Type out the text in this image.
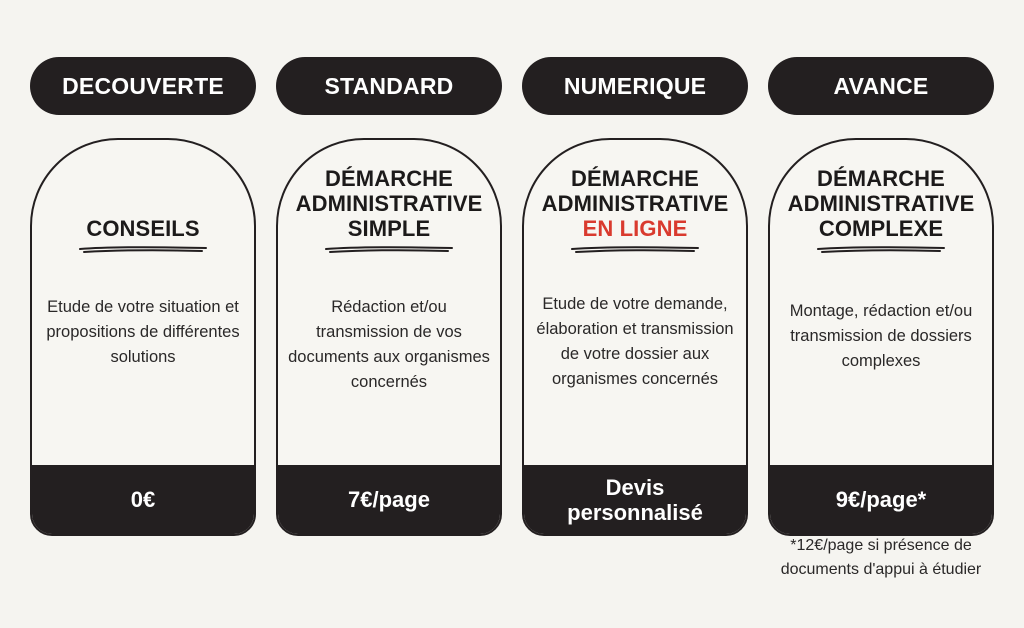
DECOUVERTE
CONSEILS
Etude de votre situation et propositions de différentes solutions
0€
STANDARD
DÉMARCHE
ADMINISTRATIVE
SIMPLE
Rédaction et/ou transmission de vos documents aux organismes concernés
7€/page
NUMERIQUE
DÉMARCHE
ADMINISTRATIVE
EN LIGNE
Etude de votre demande, élaboration et transmission de votre dossier aux organismes concernés
Devis
personnalisé
AVANCE
DÉMARCHE
ADMINISTRATIVE
COMPLEXE
Montage, rédaction et/ou transmission de dossiers complexes
9€/page*
*12€/page si présence de documents d'appui à étudier
